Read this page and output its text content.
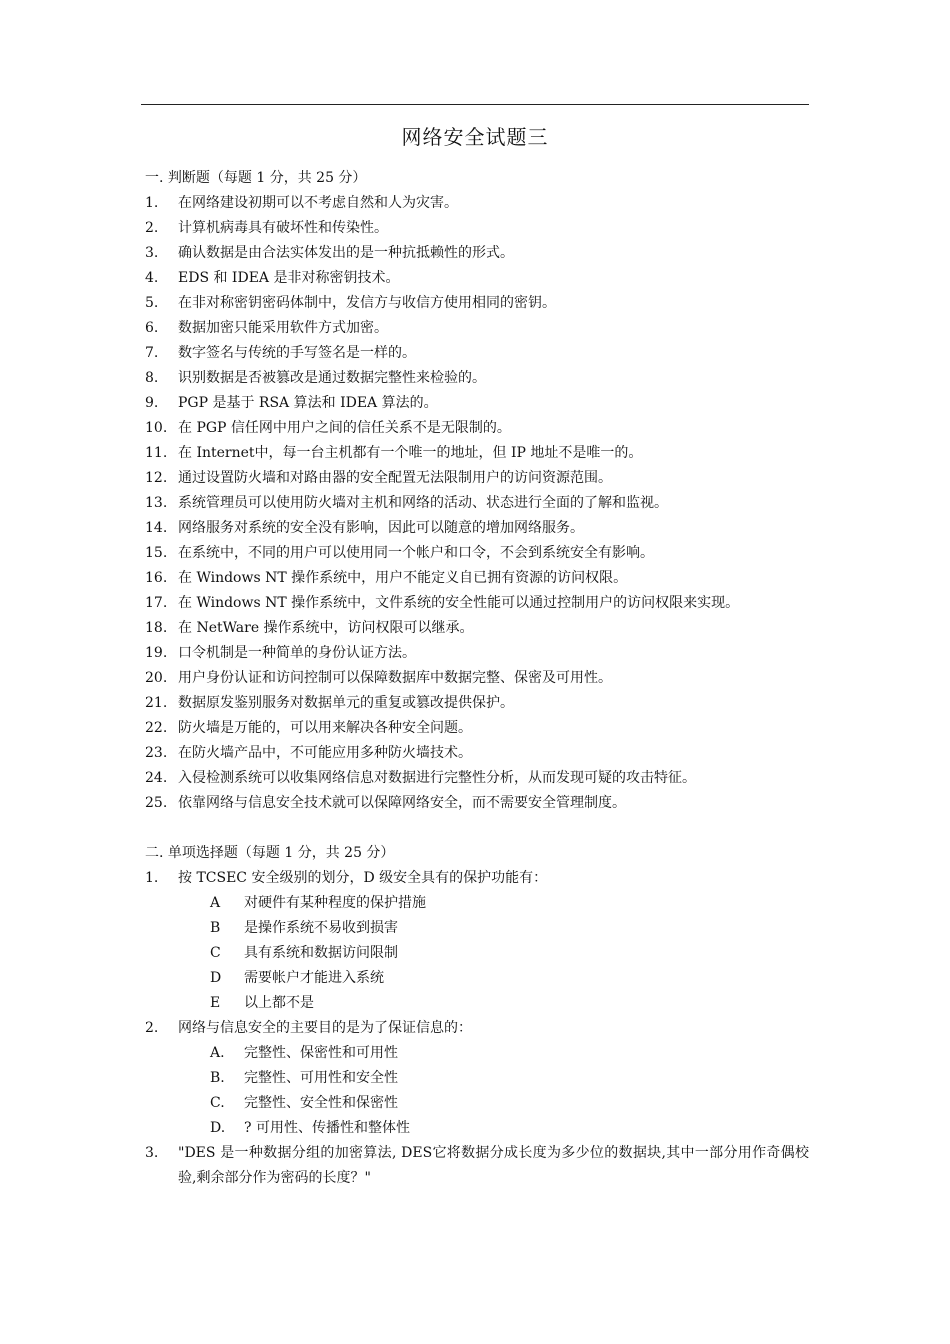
网络安全试题三
一. 判断题（每题 1 分，共 25 分）
1.	在网络建设初期可以不考虑自然和人为灾害。
2.	计算机病毒具有破坏性和传染性。
3.	确认数据是由合法实体发出的是一种抗抵赖性的形式。
4.	EDS 和 IDEA 是非对称密钥技术。
5.	在非对称密钥密码体制中，发信方与收信方使用相同的密钥。
6.	数据加密只能采用软件方式加密。
7.	数字签名与传统的手写签名是一样的。
8.	识别数据是否被篡改是通过数据完整性来检验的。
9.	PGP 是基于 RSA 算法和 IDEA 算法的。
10. 在 PGP 信任网中用户之间的信任关系不是无限制的。
11. 在 Internet中，每一台主机都有一个唯一的地址，但 IP 地址不是唯一的。
12. 通过设置防火墙和对路由器的安全配置无法限制用户的访问资源范围。
13. 系统管理员可以使用防火墙对主机和网络的活动、状态进行全面的了解和监视。
14. 网络服务对系统的安全没有影响，因此可以随意的增加网络服务。
15. 在系统中，不同的用户可以使用同一个帐户和口令，不会到系统安全有影响。
16. 在 Windows NT 操作系统中，用户不能定义自已拥有资源的访问权限。
17. 在 Windows NT 操作系统中，文件系统的安全性能可以通过控制用户的访问权限来实现。
18. 在 NetWare 操作系统中，访问权限可以继承。
19. 口令机制是一种简单的身份认证方法。
20. 用户身份认证和访问控制可以保障数据库中数据完整、保密及可用性。
21. 数据原发鉴别服务对数据单元的重复或篡改提供保护。
22. 防火墙是万能的，可以用来解决各种安全问题。
23. 在防火墙产品中，不可能应用多种防火墙技术。
24. 入侵检测系统可以收集网络信息对数据进行完整性分析，从而发现可疑的攻击特征。
25. 依靠网络与信息安全技术就可以保障网络安全，而不需要安全管理制度。
二. 单项选择题（每题 1 分，共 25 分）
1.	按 TCSEC 安全级别的划分，D 级安全具有的保护功能有：
A	对硬件有某种程度的保护措施
B	是操作系统不易收到损害
C	具有系统和数据访问限制
D	需要帐户才能进入系统
E	以上都不是
2.	网络与信息安全的主要目的是为了保证信息的：
A.	完整性、保密性和可用性
B.	完整性、可用性和安全性
C.	完整性、安全性和保密性
D.	? 可用性、传播性和整体性
3.	"DES 是一种数据分组的加密算法, DES它将数据分成长度为多少位的数据块,其中一部分用作奇偶校验,剩余部分作为密码的长度？"
